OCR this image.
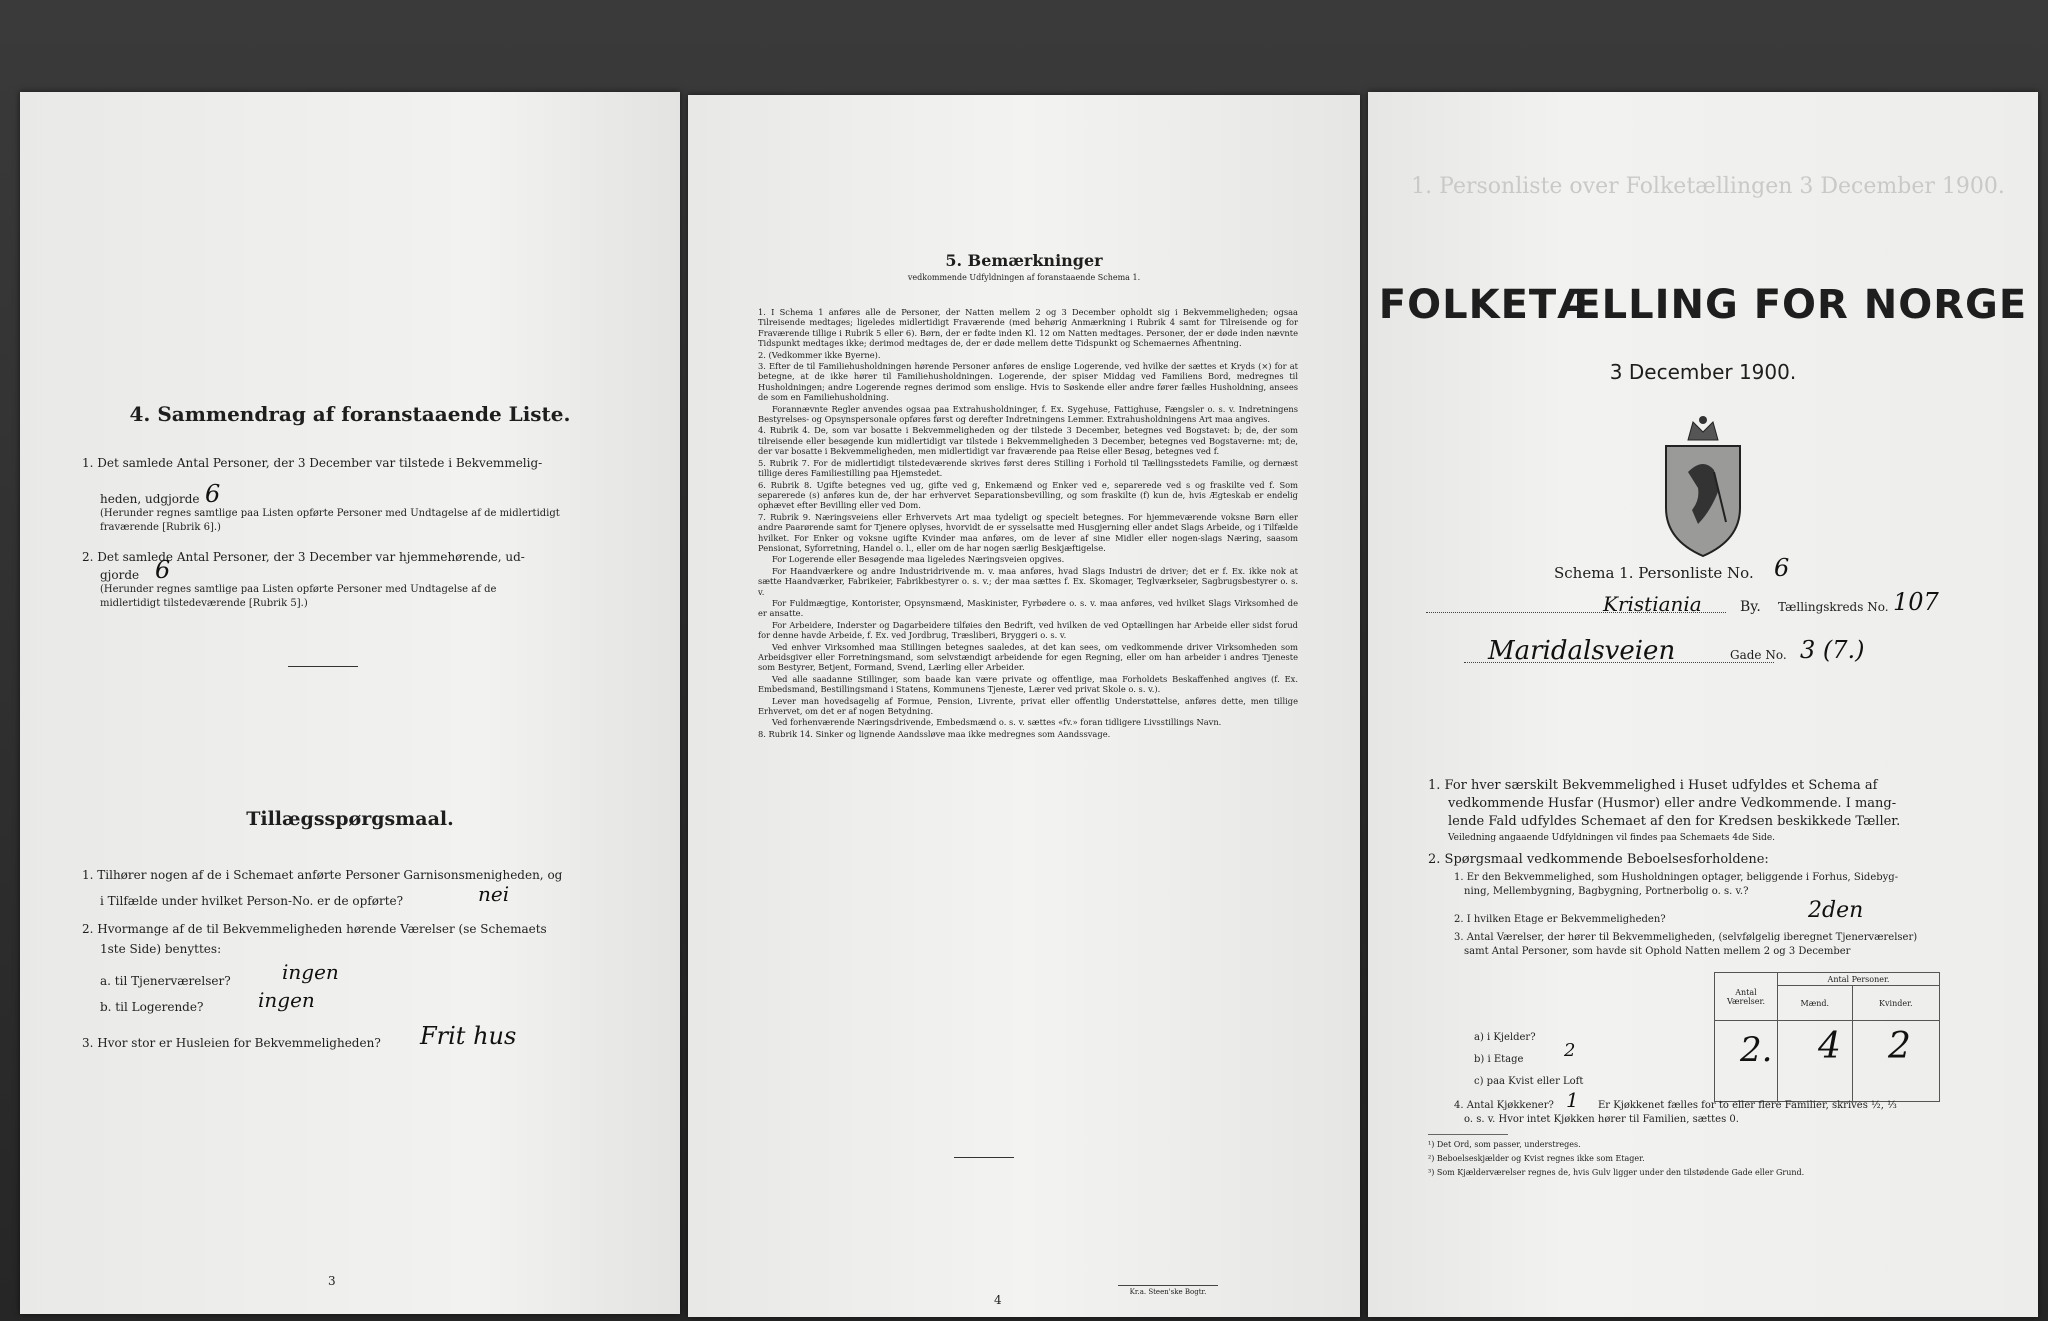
4. Sammendrag af foranstaaende Liste.
1. Det samlede Antal Personer, der 3 December var tilstede i Bekvemmelig-
heden, udgjorde 6
(Herunder regnes samtlige paa Listen opførte Personer med Undtagelse af de midlertidigt
fraværende [Rubrik 6].)
2. Det samlede Antal Personer, der 3 December var hjemmehørende, ud-
gjorde 6
(Herunder regnes samtlige paa Listen opførte Personer med Undtagelse af de
midlertidigt tilstedeværende [Rubrik 5].)
Tillægsspørgsmaal.
1. Tilhører nogen af de i Schemaet anførte Personer Garnisonsmenigheden, og
i Tilfælde under hvilket Person-No. er de opførte?	nei
2. Hvormange af de til Bekvemmeligheden hørende Værelser (se Schemaets
1ste Side) benyttes:
a. til Tjenerværelser?	ingen
b. til Logerende?	ingen
3. Hvor stor er Husleien for Bekvemmeligheden? Frit hus
3
5. Bemærkninger
vedkommende Udfyldningen af foranstaaende Schema 1.
1. I Schema 1 anføres alle de Personer, der Natten mellem 2 og 3 December opholdt sig i Bekvemmeligheden; ogsaa Tilreisende medtages; ligeledes midlertidigt Fraværende (med behørig Anmærkning i Rubrik 4 samt for Tilreisende og for Fraværende tillige i Rubrik 5 eller 6). Børn, der er fødte inden Kl. 12 om Natten medtages. Personer, der er døde inden nævnte Tidspunkt medtages ikke; derimod medtages de, der er døde mellem dette Tidspunkt og Schemaernes Afhentning.
2. (Vedkommer ikke Byerne).
3. Efter de til Familiehusholdningen hørende Personer anføres de enslige Logerende, ved hvilke der sættes et Kryds (×) for at betegne, at de ikke hører til Familiehusholdningen. Logerende, der spiser Middag ved Familiens Bord, medregnes til Husholdningen; andre Logerende regnes derimod som enslige. Hvis to Søskende eller andre fører fælles Husholdning, ansees de som en Familiehusholdning.
Forannævnte Regler anvendes ogsaa paa Extrahusholdninger, f. Ex. Sygehuse, Fattighuse, Fængsler o. s. v. Indretningens Bestyrelses- og Opsynspersonale opføres først og derefter Indretningens Lemmer. Extrahusholdningens Art maa angives.
4. Rubrik 4. De, som var bosatte i Bekvemmeligheden og der tilstede 3 December, betegnes ved Bogstavet: b; de, der som tilreisende eller besøgende kun midlertidigt var tilstede i Bekvemmeligheden 3 December, betegnes ved Bogstaverne: mt; de, der var bosatte i Bekvemmeligheden, men midlertidigt var fraværende paa Reise eller Besøg, betegnes ved f.
5. Rubrik 7. For de midlertidigt tilstedeværende skrives først deres Stilling i Forhold til Tællingsstedets Familie, og dernæst tillige deres Familiestilling paa Hjemstedet.
6. Rubrik 8. Ugifte betegnes ved ug, gifte ved g, Enkemænd og Enker ved e, separerede ved s og fraskilte ved f. Som separerede (s) anføres kun de, der har erhvervet Separationsbevilling, og som fraskilte (f) kun de, hvis Ægteskab er endelig ophævet efter Bevilling eller ved Dom.
7. Rubrik 9. Næringsveiens eller Erhvervets Art maa tydeligt og specielt betegnes. For hjemmeværende voksne Børn eller andre Paarørende samt for Tjenere oplyses, hvorvidt de er sysselsatte med Husgjerning eller andet Slags Arbeide, og i Tilfælde hvilket. For Enker og voksne ugifte Kvinder maa anføres, om de lever af sine Midler eller nogen-slags Næring, saasom Pensionat, Syforretning, Handel o. l., eller om de har nogen særlig Beskjæftigelse.
For Logerende eller Besøgende maa ligeledes Næringsveien opgives.
For Haandværkere og andre Industridrivende m. v. maa anføres, hvad Slags Industri de driver; det er f. Ex. ikke nok at sætte Haandværker, Fabrikeier, Fabrikbestyrer o. s. v.; der maa sættes f. Ex. Skomager, Teglværkseier, Sagbrugsbestyrer o. s. v.
For Fuldmægtige, Kontorister, Opsynsmænd, Maskinister, Fyrbødere o. s. v. maa anføres, ved hvilket Slags Virksomhed de er ansatte.
For Arbeidere, Inderster og Dagarbeidere tilføies den Bedrift, ved hvilken de ved Optællingen har Arbeide eller sidst forud for denne havde Arbeide, f. Ex. ved Jordbrug, Træsliberi, Bryggeri o. s. v.
Ved enhver Virksomhed maa Stillingen betegnes saaledes, at det kan sees, om vedkommende driver Virksomheden som Arbeidsgiver eller Forretningsmand, som selvstændigt arbeidende for egen Regning, eller om han arbeider i andres Tjeneste som Bestyrer, Betjent, Formand, Svend, Lærling eller Arbeider.
Ved alle saadanne Stillinger, som baade kan være private og offentlige, maa Forholdets Beskaffenhed angives (f. Ex. Embedsmand, Bestillingsmand i Statens, Kommunens Tjeneste, Lærer ved privat Skole o. s. v.).
Lever man hovedsagelig af Formue, Pension, Livrente, privat eller offentlig Understøttelse, anføres dette, men tillige Erhvervet, om det er af nogen Betydning.
Ved forhenværende Næringsdrivende, Embedsmænd o. s. v. sættes «fv.» foran tidligere Livsstillings Navn.
8. Rubrik 14. Sinker og lignende Aandssløve maa ikke medregnes som Aandssvage.
4
Kr.a. Steen'ske Bogtr.
1. Personliste over Folketællingen 3 December 1900.
FOLKETÆLLING FOR NORGE
3 December 1900.
Schema 1. Personliste No. 6
Kristiania	By. Tællingskreds No. 107
Maridalsveien	Gade No. 3 (7.)
1. For hver særskilt Bekvemmelighed i Huset udfyldes et Schema af
vedkommende Husfar (Husmor) eller andre Vedkommende. I mang-
lende Fald udfyldes Schemaet af den for Kredsen beskikkede Tæller.
Veiledning angaaende Udfyldningen vil findes paa Schemaets 4de Side.
2. Spørgsmaal vedkommende Beboelsesforholdene:
1. Er den Bekvemmelighed, som Husholdningen optager, beliggende i Forhus, Sidebyg-
ning, Mellembygning, Bagbygning, Portnerbolig o. s. v.?
2. I hvilken Etage er Bekvemmeligheden?	2den
3. Antal Værelser, der hører til Bekvemmeligheden, (selvfølgelig iberegnet Tjenerværelser)
samt Antal Personer, som havde sit Ophold Natten mellem 2 og 3 December
Antal Værelser.	Antal Personer.	
	Mænd.	Kvinder.

a) i Kjelder?
b) i Etage 2
c) paa Kvist eller Loft
2. 4 2
4. Antal Kjøkkener? 1 Er Kjøkkenet fælles for to eller flere Familier, skrives ½, ⅓
o. s. v. Hvor intet Kjøkken hører til Familien, sættes 0.
¹) Det Ord, som passer, understreges.
²) Beboelseskjælder og Kvist regnes ikke som Etager.
³) Som Kjælderværelser regnes de, hvis Gulv ligger under den tilstødende Gade eller Grund.
